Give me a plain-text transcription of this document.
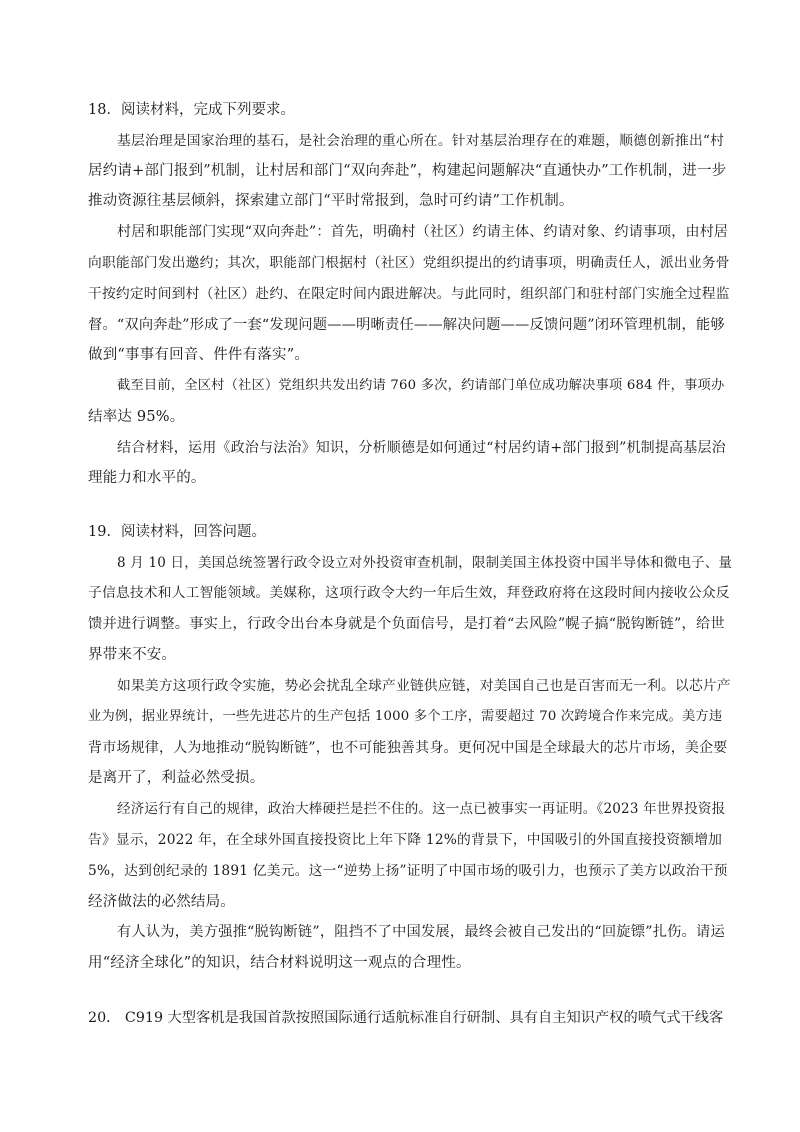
18．阅读材料，完成下列要求。
基层治理是国家治理的基石，是社会治理的重心所在。针对基层治理存在的难题，顺德创新推出“村
居约请+部门报到”机制，让村居和部门“双向奔赴”，构建起问题解决“直通快办”工作机制，进一步
推动资源往基层倾斜，探索建立部门“平时常报到，急时可约请”工作机制。
村居和职能部门实现“双向奔赴”：首先，明确村（社区）约请主体、约请对象、约请事项，由村居
向职能部门发出邀约；其次，职能部门根据村（社区）党组织提出的约请事项，明确责任人，派出业务骨
干按约定时间到村（社区）赴约、在限定时间内跟进解决。与此同时，组织部门和驻村部门实施全过程监
督。“双向奔赴”形成了一套“发现问题——明晰责任——解决问题——反馈问题”闭环管理机制，能够
做到“事事有回音、件件有落实”。
截至目前，全区村（社区）党组织共发出约请 760 多次，约请部门单位成功解决事项 684 件，事项办
结率达 95%。
结合材料，运用《政治与法治》知识，分析顺德是如何通过“村居约请+部门报到”机制提高基层治
理能力和水平的。
19．阅读材料，回答问题。
8 月 10 日，美国总统签署行政令设立对外投资审查机制，限制美国主体投资中国半导体和微电子、量
子信息技术和人工智能领域。美媒称，这项行政令大约一年后生效，拜登政府将在这段时间内接收公众反
馈并进行调整。事实上，行政令出台本身就是个负面信号，是打着“去风险”幌子搞“脱钩断链”，给世
界带来不安。
如果美方这项行政令实施，势必会扰乱全球产业链供应链，对美国自己也是百害而无一利。以芯片产
业为例，据业界统计，一些先进芯片的生产包括 1000 多个工序，需要超过 70 次跨境合作来完成。美方违
背市场规律，人为地推动“脱钩断链”，也不可能独善其身。更何况中国是全球最大的芯片市场，美企要
是离开了，利益必然受损。
经济运行有自己的规律，政治大棒硬拦是拦不住的。这一点已被事实一再证明。《2023 年世界投资报
告》显示，2022 年，在全球外国直接投资比上年下降 12%的背景下，中国吸引的外国直接投资额增加
5%，达到创纪录的 1891 亿美元。这一“逆势上扬”证明了中国市场的吸引力，也预示了美方以政治干预
经济做法的必然结局。
有人认为，美方强推“脱钩断链”，阻挡不了中国发展，最终会被自己发出的“回旋镖”扎伤。请运
用“经济全球化”的知识，结合材料说明这一观点的合理性。
20． C919 大型客机是我国首款按照国际通行适航标准自行研制、具有自主知识产权的喷气式干线客
